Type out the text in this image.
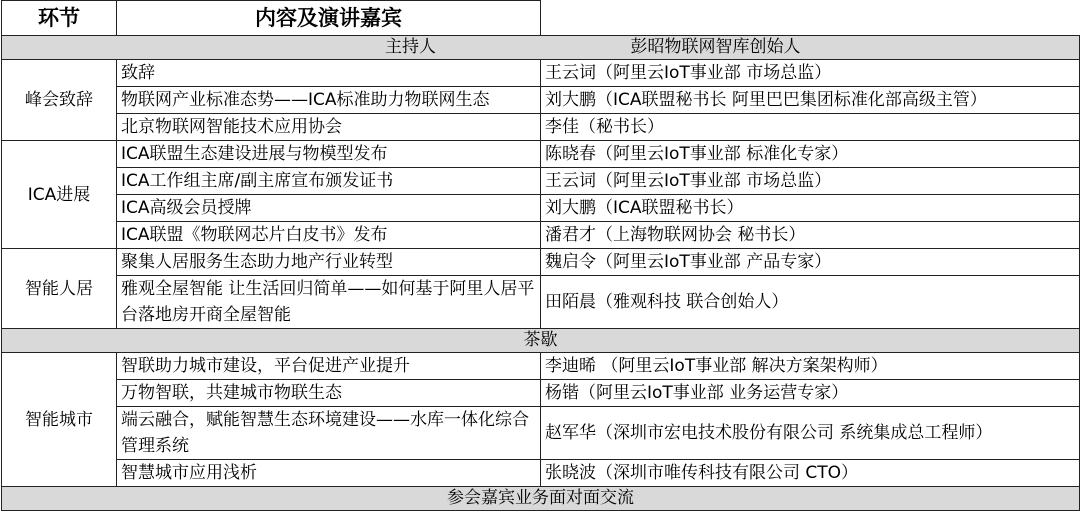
环节	内容及演讲嘉宾	
主持人 彭昭物联网智库创始人		
峰会致辞	致辞	王云词（阿里云IoT事业部 市场总监）
	物联网产业标准态势——ICA标准助力物联网生态	刘大鹏（ICA联盟秘书长 阿里巴巴集团标准化部高级主管）
	北京物联网智能技术应用协会	李佳（秘书长）
ICA进展	ICA联盟生态建设进展与物模型发布	陈晓春（阿里云IoT事业部 标准化专家）
	ICA工作组主席/副主席宣布颁发证书	王云词（阿里云IoT事业部 市场总监）
	ICA高级会员授牌	刘大鹏（ICA联盟秘书长）
	ICA联盟《物联网芯片白皮书》发布	潘君才（上海物联网协会 秘书长）
智能人居	聚集人居服务生态助力地产行业转型	魏启令（阿里云IoT事业部 产品专家）
	雅观全屋智能 让生活回归简单——如何基于阿里人居平台落地房开商全屋智能	田陌晨（雅观科技 联合创始人）
茶歇		
智能城市	智联助力城市建设，平台促进产业提升	李迪晞 （阿里云IoT事业部 解决方案架构师）
	万物智联，共建城市物联生态	杨锴（阿里云IoT事业部 业务运营专家）
	端云融合，赋能智慧生态环境建设——水库一体化综合管理系统	赵军华（深圳市宏电技术股份有限公司 系统集成总工程师）
	智慧城市应用浅析	张晓波（深圳市唯传科技有限公司 CTO）
参会嘉宾业务面对面交流		
